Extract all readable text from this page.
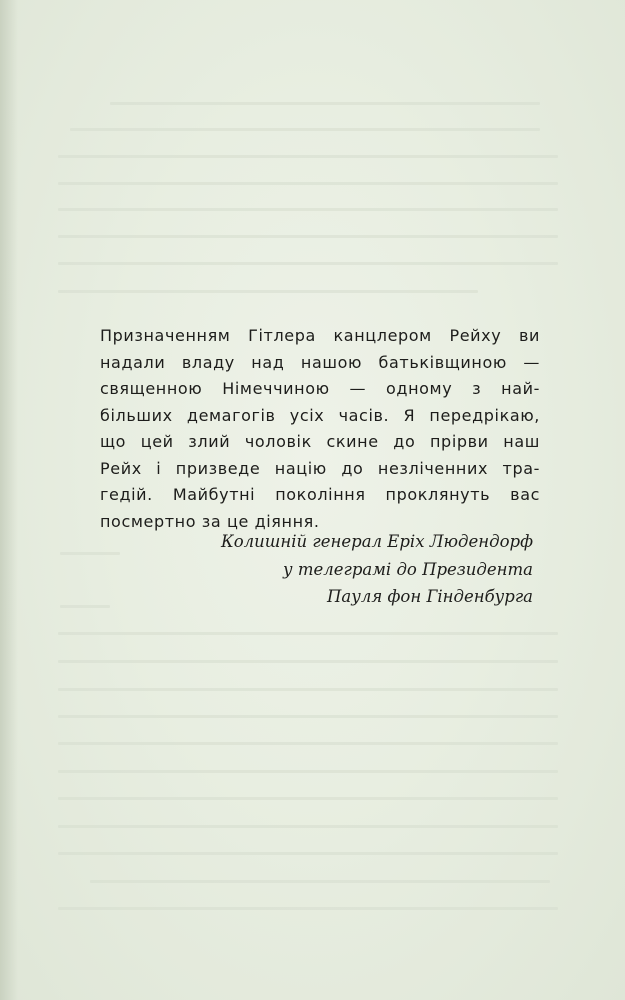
Призначенням Гітлера канцлером Рейху ви
надали владу над нашою батьківщиною —
священною Німеччиною — одному з най-
більших демагогів усіх часів. Я передрікаю,
що цей злий чоловік скине до прірви наш
Рейх і призведе націю до незліченних тра-
гедій. Майбутні покоління проклянуть вас
посмертно за це діяння.
Колишній генерал Еріх Людендорф
у телеграмі до Президента
Пауля фон Гінденбурга
